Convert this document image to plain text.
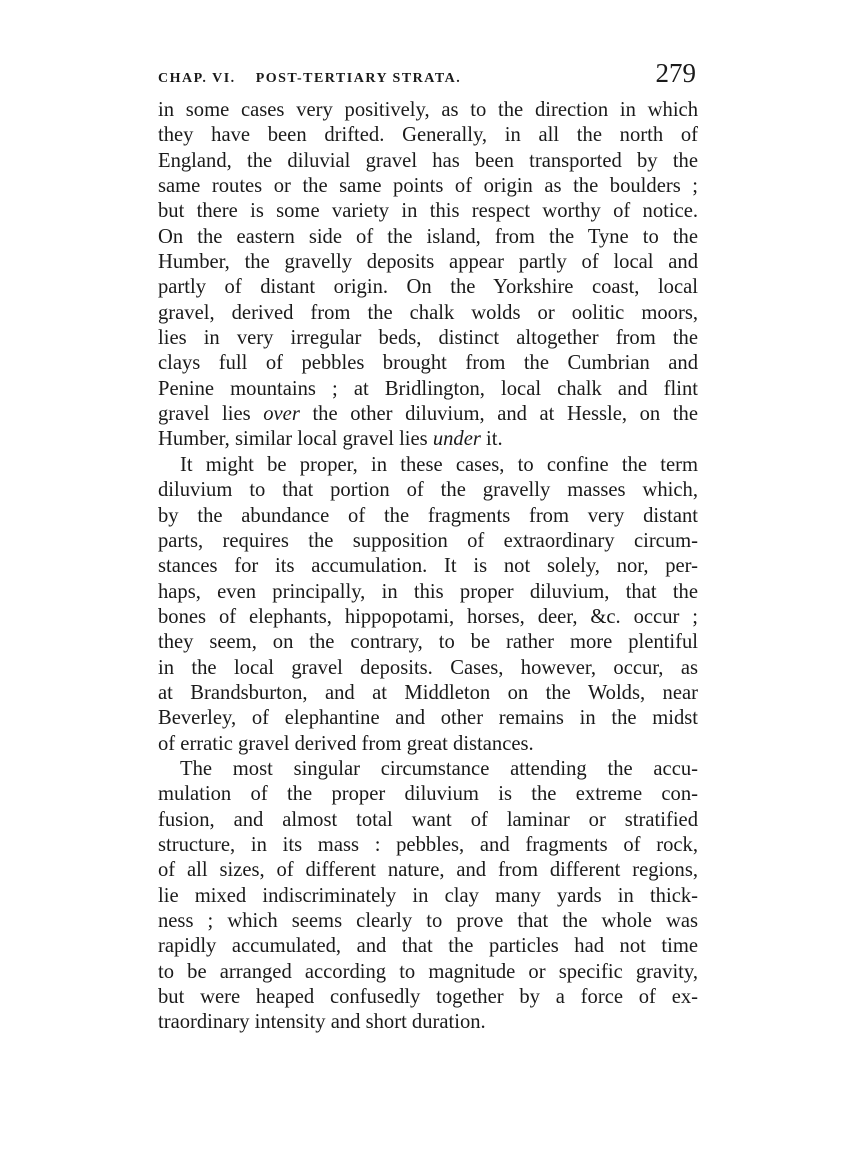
CHAP. VI. POST-TERTIARY STRATA.	279

in some cases very positively, as to the direction in which
they have been drifted. Generally, in all the north of
England, the diluvial gravel has been transported by the
same routes or the same points of origin as the boulders ;
but there is some variety in this respect worthy of notice.
On the eastern side of the island, from the Tyne to the
Humber, the gravelly deposits appear partly of local and
partly of distant origin. On the Yorkshire coast, local
gravel, derived from the chalk wolds or oolitic moors,
lies in very irregular beds, distinct altogether from the
clays full of pebbles brought from the Cumbrian and
Penine mountains ; at Bridlington, local chalk and flint
gravel lies over the other diluvium, and at Hessle, on the
Humber, similar local gravel lies under it.

It might be proper, in these cases, to confine the term
diluvium to that portion of the gravelly masses which,
by the abundance of the fragments from very distant
parts, requires the supposition of extraordinary circum-
stances for its accumulation. It is not solely, nor, per-
haps, even principally, in this proper diluvium, that the
bones of elephants, hippopotami, horses, deer, &c. occur ;
they seem, on the contrary, to be rather more plentiful
in the local gravel deposits. Cases, however, occur, as
at Brandsburton, and at Middleton on the Wolds, near
Beverley, of elephantine and other remains in the midst
of erratic gravel derived from great distances.

The most singular circumstance attending the accu-
mulation of the proper diluvium is the extreme con-
fusion, and almost total want of laminar or stratified
structure, in its mass : pebbles, and fragments of rock,
of all sizes, of different nature, and from different regions,
lie mixed indiscriminately in clay many yards in thick-
ness ; which seems clearly to prove that the whole was
rapidly accumulated, and that the particles had not time
to be arranged according to magnitude or specific gravity,
but were heaped confusedly together by a force of ex-
traordinary intensity and short duration.
